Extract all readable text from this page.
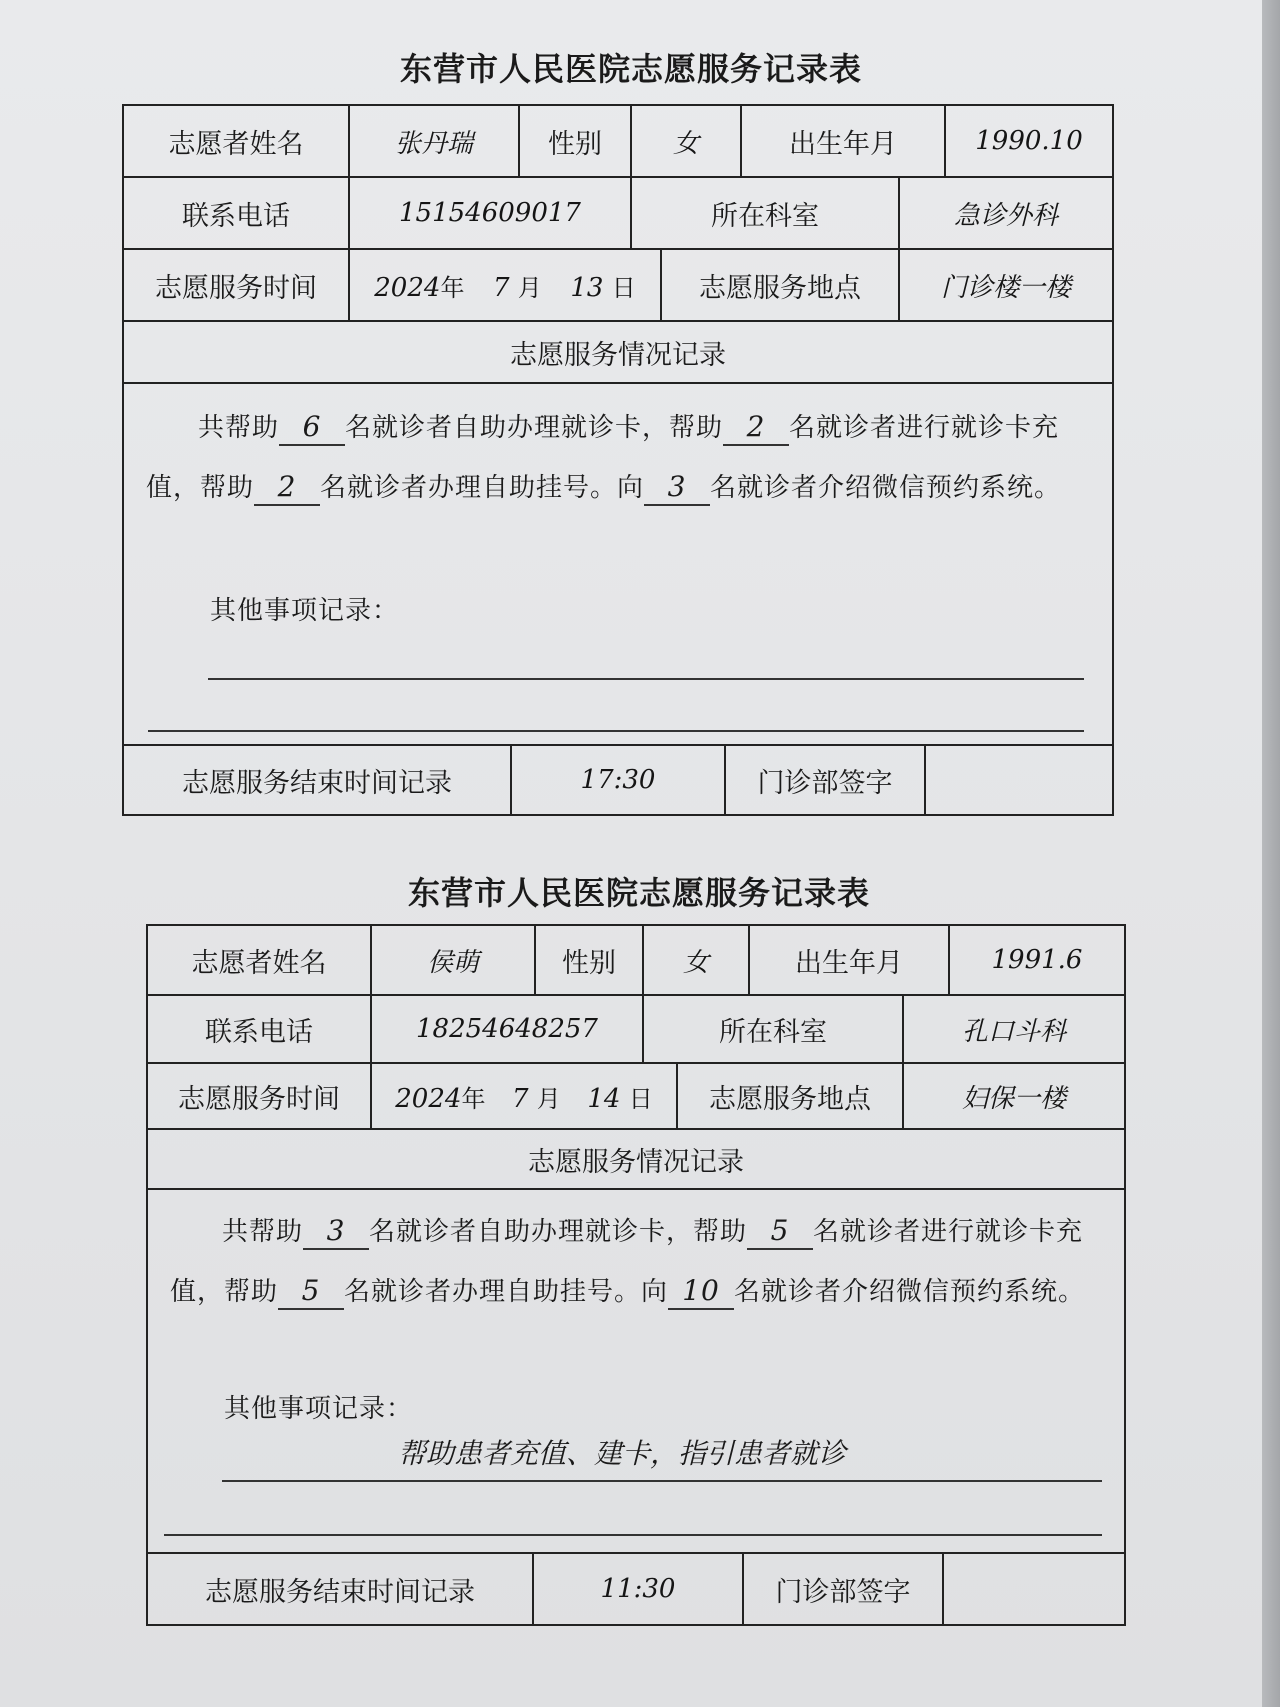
东营市人民医院志愿服务记录表
志愿者姓名	张丹瑞	性别	女	出生年月	1990.10
联系电话	15154609017	所在科室	急诊外科
志愿服务时间	2024年 7 月 13 日	志愿服务地点	门诊楼一楼
志愿服务情况记录
共帮助 6 名就诊者自助办理就诊卡，帮助 2 名就诊者进行就诊卡充值，帮助 2 名就诊者办理自助挂号。向 3 名就诊者介绍微信预约系统。
其他事项记录：
志愿服务结束时间记录	17:30	门诊部签字
东营市人民医院志愿服务记录表
志愿者姓名	侯萌	性别	女	出生年月	1991.6
联系电话	18254648257	所在科室	孔口斗科
志愿服务时间	2024年 7 月 14 日	志愿服务地点	妇保一楼
志愿服务情况记录
共帮助 3 名就诊者自助办理就诊卡，帮助 5 名就诊者进行就诊卡充值，帮助 5 名就诊者办理自助挂号。向 10 名就诊者介绍微信预约系统。
其他事项记录：
帮助患者充值、建卡，指引患者就诊
志愿服务结束时间记录	11:30	门诊部签字
